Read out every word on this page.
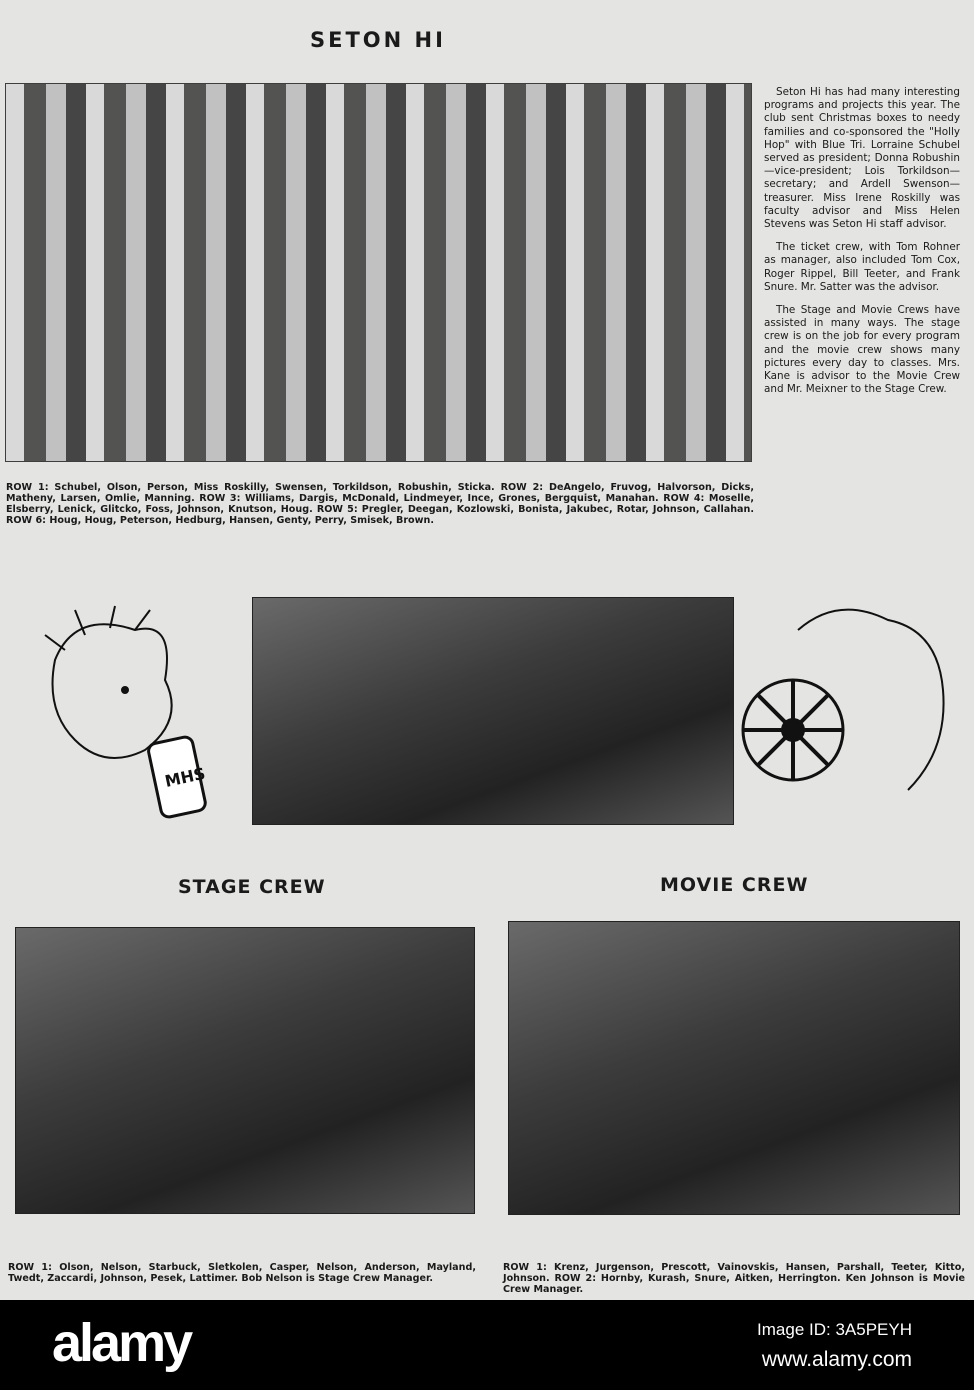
SETON HI
ROW 1: Schubel, Olson, Person, Miss Roskilly, Swensen, Torkildson, Robushin, Sticka. ROW 2: DeAngelo, Fruvog, Halvorson, Dicks, Matheny, Larsen, Omlie, Manning. ROW 3: Williams, Dargis, McDonald, Lindmeyer, Ince, Grones, Bergquist, Manahan. ROW 4: Moselle, Elsberry, Lenick, Glitcko, Foss, Johnson, Knutson, Houg. ROW 5: Pregler, Deegan, Kozlowski, Bonista, Jakubec, Rotar, Johnson, Callahan. ROW 6: Houg, Houg, Peterson, Hedburg, Hansen, Genty, Perry, Smisek, Brown.

Seton Hi has had many interesting programs and projects this year. The club sent Christmas boxes to needy families and co-sponsored the "Holly Hop" with Blue Tri. Lorraine Schubel served as president; Donna Robushin—vice-president; Lois Torkildson—secretary; and Ardell Swenson—treasurer. Miss Irene Roskilly was faculty advisor and Miss Helen Stevens was Seton Hi staff advisor.

The ticket crew, with Tom Rohner as manager, also included Tom Cox, Roger Rippel, Bill Teeter, and Frank Snure. Mr. Satter was the advisor.

The Stage and Movie Crews have assisted in many ways. The stage crew is on the job for every program and the movie crew shows many pictures every day to classes. Mrs. Kane is advisor to the Movie Crew and Mr. Meixner to the Stage Crew.

MHS
STAGE CREW	MOVIE CREW
ROW 1: Olson, Nelson, Starbuck, Sletkolen, Casper, Nelson, Anderson, Mayland, Twedt, Zaccardi, Johnson, Pesek, Lattimer. Bob Nelson is Stage Crew Manager.
ROW 1: Krenz, Jurgenson, Prescott, Vainovskis, Hansen, Parshall, Teeter, Kitto, Johnson. ROW 2: Hornby, Kurash, Snure, Aitken, Herrington. Ken Johnson is Movie Crew Manager.
alamy	Image ID: 3A5PEYH
www.alamy.com
